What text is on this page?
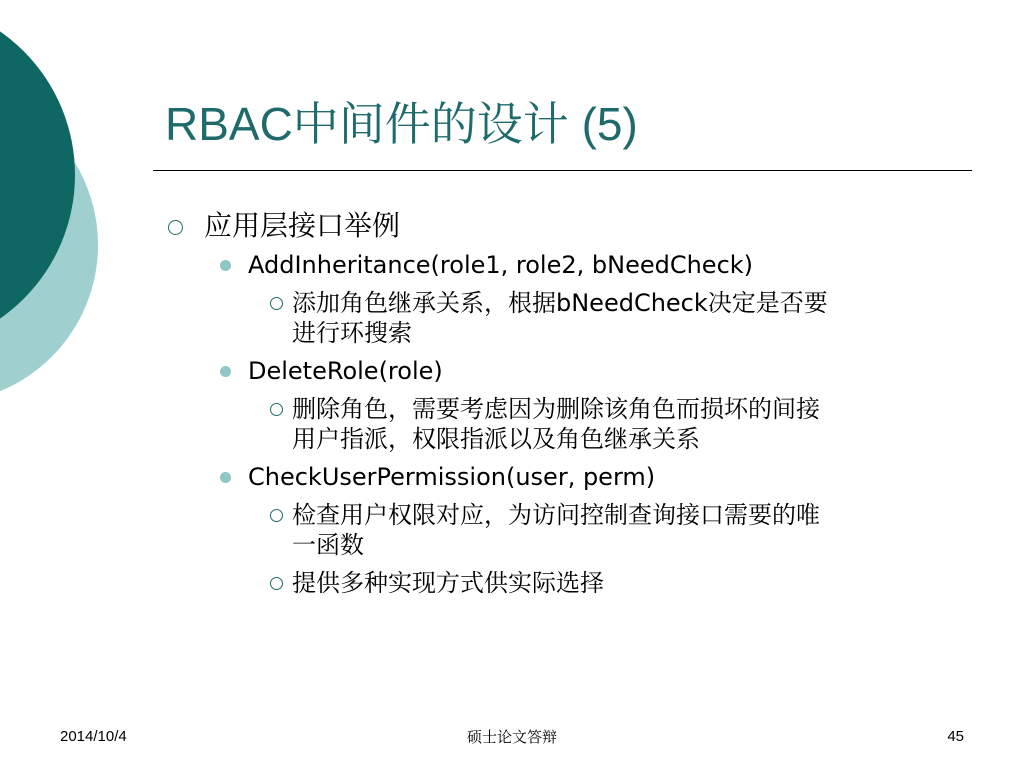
RBAC中间件的设计 (5)
应用层接口举例
AddInheritance(role1, role2, bNeedCheck)
添加角色继承关系，根据bNeedCheck决定是否要进行环搜索
DeleteRole(role)
删除角色，需要考虑因为删除该角色而损坏的间接用户指派，权限指派以及角色继承关系
CheckUserPermission(user, perm)
检查用户权限对应，为访问控制查询接口需要的唯一函数
提供多种实现方式供实际选择
2014/10/4	硕士论文答辩	45
